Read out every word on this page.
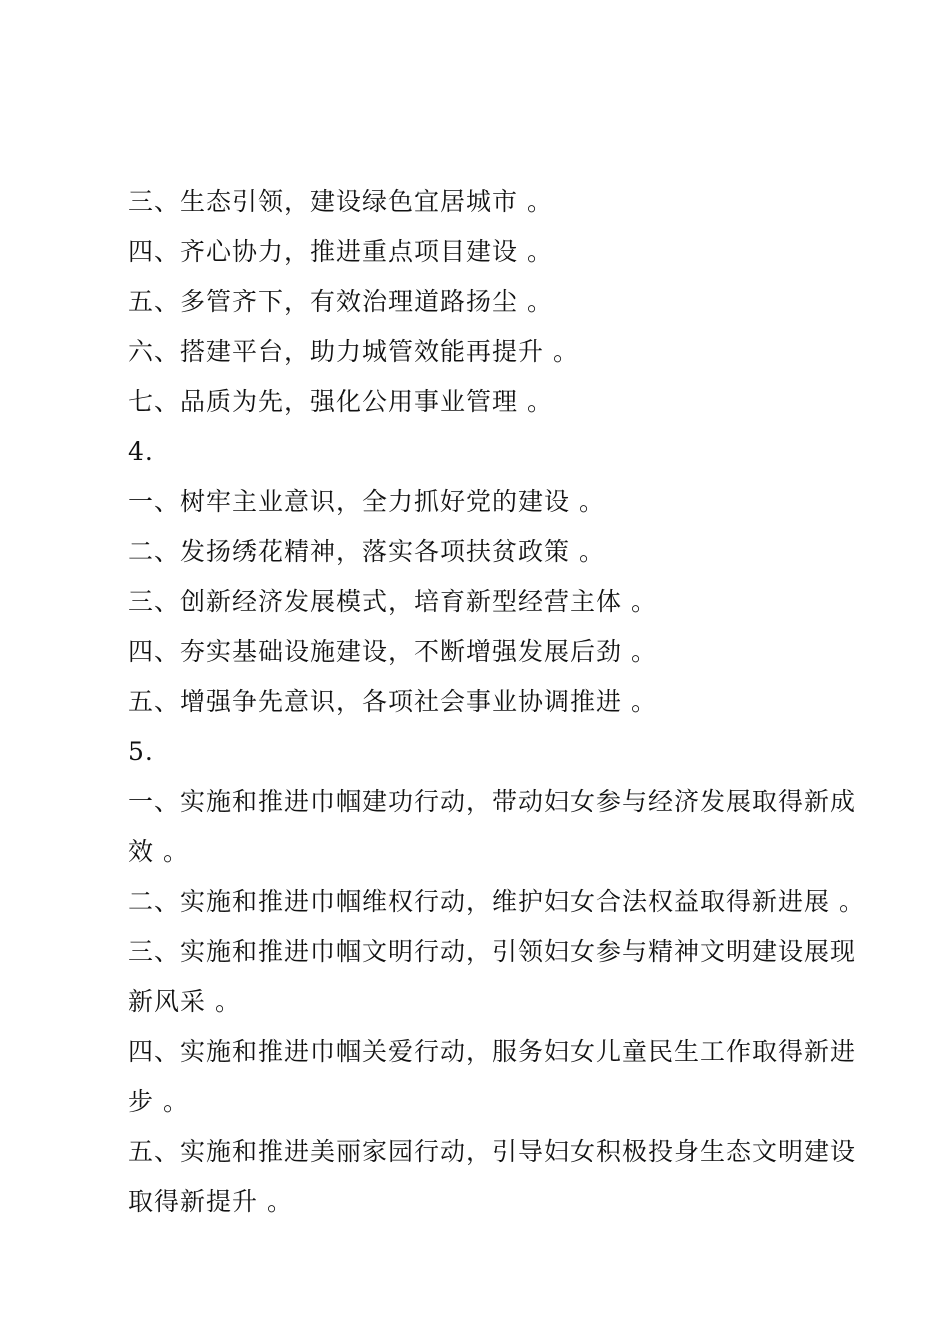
三、生态引领，建设绿色宜居城市 。
四、齐心协力，推进重点项目建设 。
五、多管齐下，有效治理道路扬尘 。
六、搭建平台，助力城管效能再提升 。
七、品质为先，强化公用事业管理 。
4.
一、树牢主业意识，全力抓好党的建设 。
二、发扬绣花精神，落实各项扶贫政策 。
三、创新经济发展模式，培育新型经营主体 。
四、夯实基础设施建设，不断增强发展后劲 。
五、增强争先意识，各项社会事业协调推进 。
5.
一、实施和推进巾帼建功行动，带动妇女参与经济发展取得新成
效 。
二、实施和推进巾帼维权行动，维护妇女合法权益取得新进展 。
三、实施和推进巾帼文明行动，引领妇女参与精神文明建设展现
新风采 。
四、实施和推进巾帼关爱行动，服务妇女儿童民生工作取得新进
步 。
五、实施和推进美丽家园行动，引导妇女积极投身生态文明建设
取得新提升 。
